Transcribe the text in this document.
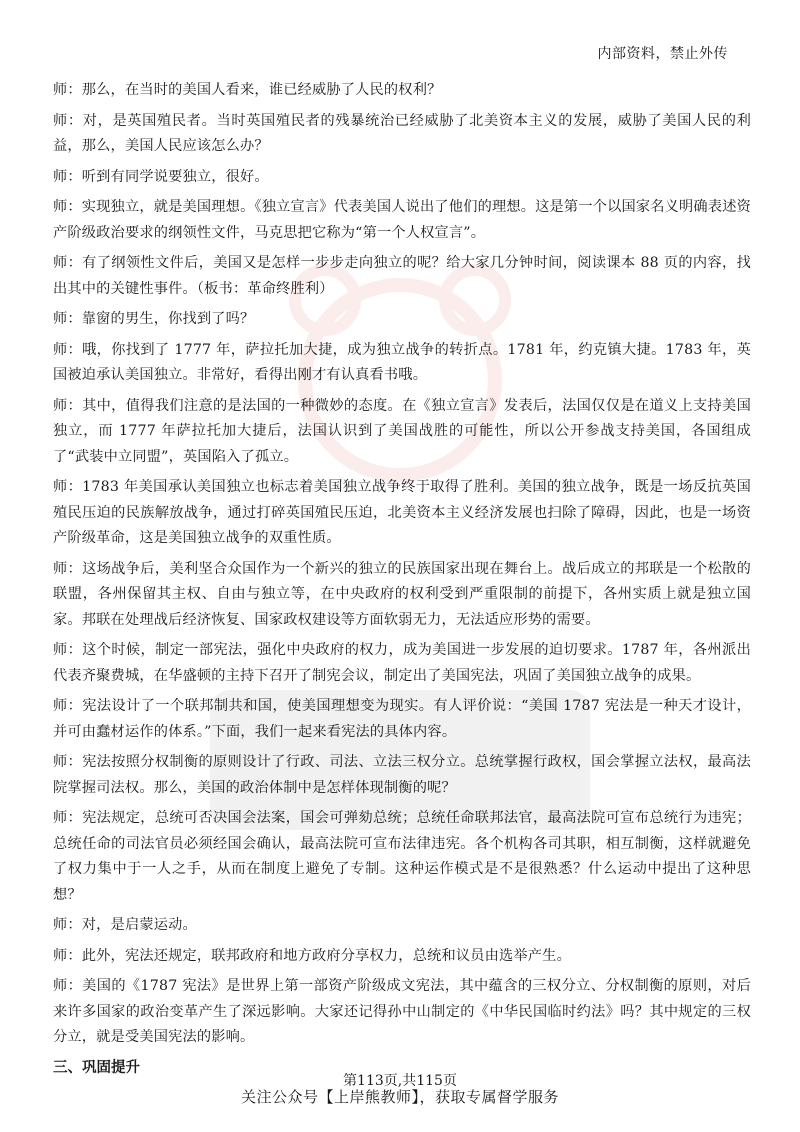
内部资料，禁止外传

师：那么，在当时的美国人看来，谁已经威胁了人民的权利？

师：对，是英国殖民者。当时英国殖民者的残暴统治已经威胁了北美资本主义的发展，威胁了美国人民的利益，那么，美国人民应该怎么办？

师：听到有同学说要独立，很好。

师：实现独立，就是美国理想。《独立宣言》代表美国人说出了他们的理想。这是第一个以国家名义明确表述资产阶级政治要求的纲领性文件，马克思把它称为“第一个人权宣言”。

师：有了纲领性文件后，美国又是怎样一步步走向独立的呢？给大家几分钟时间，阅读课本 88 页的内容，找出其中的关键性事件。（板书：革命终胜利）

师：靠窗的男生，你找到了吗？

师：哦，你找到了 1777 年，萨拉托加大捷，成为独立战争的转折点。1781 年，约克镇大捷。1783 年，英国被迫承认美国独立。非常好，看得出刚才有认真看书哦。

师：其中，值得我们注意的是法国的一种微妙的态度。在《独立宣言》发表后，法国仅仅是在道义上支持美国独立，而 1777 年萨拉托加大捷后，法国认识到了美国战胜的可能性，所以公开参战支持美国，各国组成了“武装中立同盟”，英国陷入了孤立。

师：1783 年美国承认美国独立也标志着美国独立战争终于取得了胜利。美国的独立战争，既是一场反抗英国殖民压迫的民族解放战争，通过打碎英国殖民压迫，北美资本主义经济发展也扫除了障碍，因此，也是一场资产阶级革命，这是美国独立战争的双重性质。

师：这场战争后，美利坚合众国作为一个新兴的独立的民族国家出现在舞台上。战后成立的邦联是一个松散的联盟，各州保留其主权、自由与独立等，在中央政府的权利受到严重限制的前提下，各州实质上就是独立国家。邦联在处理战后经济恢复、国家政权建设等方面软弱无力，无法适应形势的需要。

师：这个时候，制定一部宪法，强化中央政府的权力，成为美国进一步发展的迫切要求。1787 年，各州派出代表齐聚费城，在华盛顿的主持下召开了制宪会议，制定出了美国宪法，巩固了美国独立战争的成果。

师：宪法设计了一个联邦制共和国，使美国理想变为现实。有人评价说：“美国 1787 宪法是一种天才设计，并可由蠢材运作的体系。”下面，我们一起来看宪法的具体内容。

师：宪法按照分权制衡的原则设计了行政、司法、立法三权分立。总统掌握行政权，国会掌握立法权，最高法院掌握司法权。那么，美国的政治体制中是怎样体现制衡的呢？

师：宪法规定，总统可否决国会法案，国会可弹劾总统；总统任命联邦法官，最高法院可宣布总统行为违宪；总统任命的司法官员必须经国会确认，最高法院可宣布法律违宪。各个机构各司其职，相互制衡，这样就避免了权力集中于一人之手，从而在制度上避免了专制。这种运作模式是不是很熟悉？什么运动中提出了这种思想？

师：对，是启蒙运动。

师：此外，宪法还规定，联邦政府和地方政府分享权力，总统和议员由选举产生。

师：美国的《1787 宪法》是世界上第一部资产阶级成文宪法，其中蕴含的三权分立、分权制衡的原则，对后来许多国家的政治变革产生了深远影响。大家还记得孙中山制定的《中华民国临时约法》吗？其中规定的三权分立，就是受美国宪法的影响。

三、巩固提升
第113页,共115页
关注公众号【上岸熊教师】，获取专属督学服务
